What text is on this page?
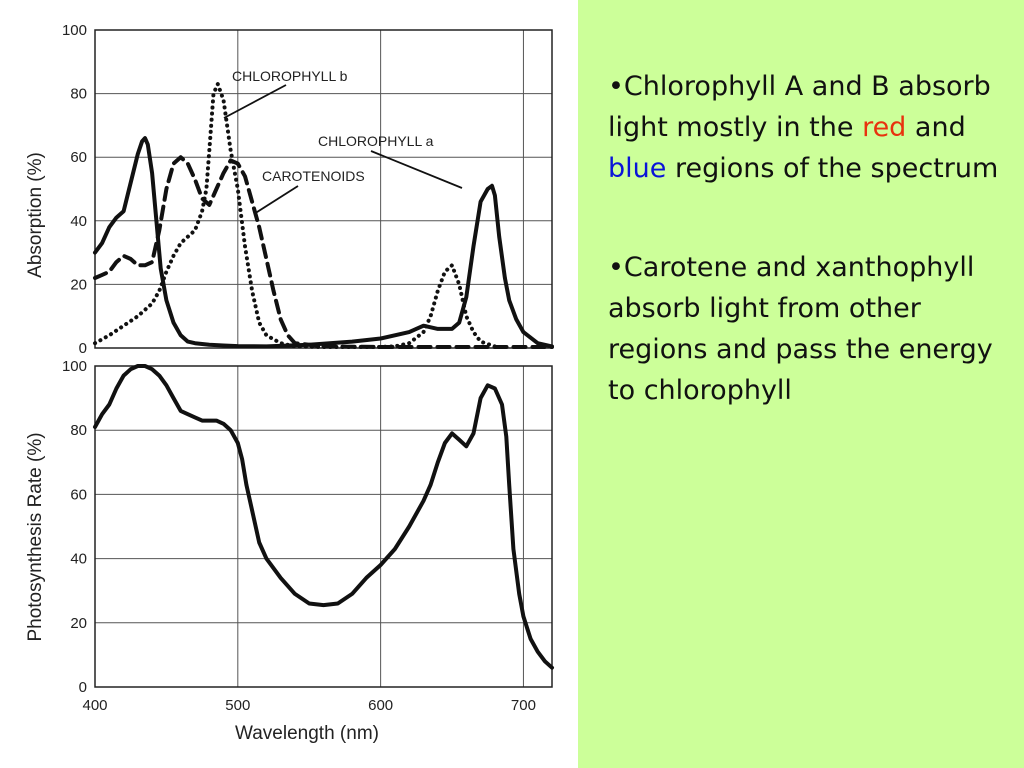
0
20
40
60
80
100
Absorption (%)
CHLOROPHYLL b
CHLOROPHYLL a
CAROTENOIDS
0
20
40
60
80
100
400	500	600	700
Photosynthesis Rate (%)
Wavelength (nm)

•Chlorophyll A and B absorb light mostly in the red and blue regions of the spectrum

•Carotene and xanthophyll absorb light from other regions and pass the energy to chlorophyll
